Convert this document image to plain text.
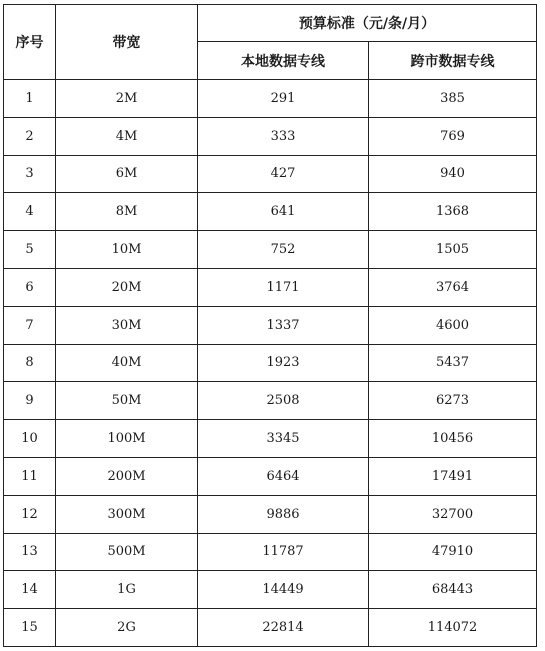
序号	带宽	预算标准（元/条/月）	
		本地数据专线	跨市数据专线
1	2M	291	385
2	4M	333	769
3	6M	427	940
4	8M	641	1368
5	10M	752	1505
6	20M	1171	3764
7	30M	1337	4600
8	40M	1923	5437
9	50M	2508	6273
10	100M	3345	10456
11	200M	6464	17491
12	300M	9886	32700
13	500M	11787	47910
14	1G	14449	68443
15	2G	22814	114072
